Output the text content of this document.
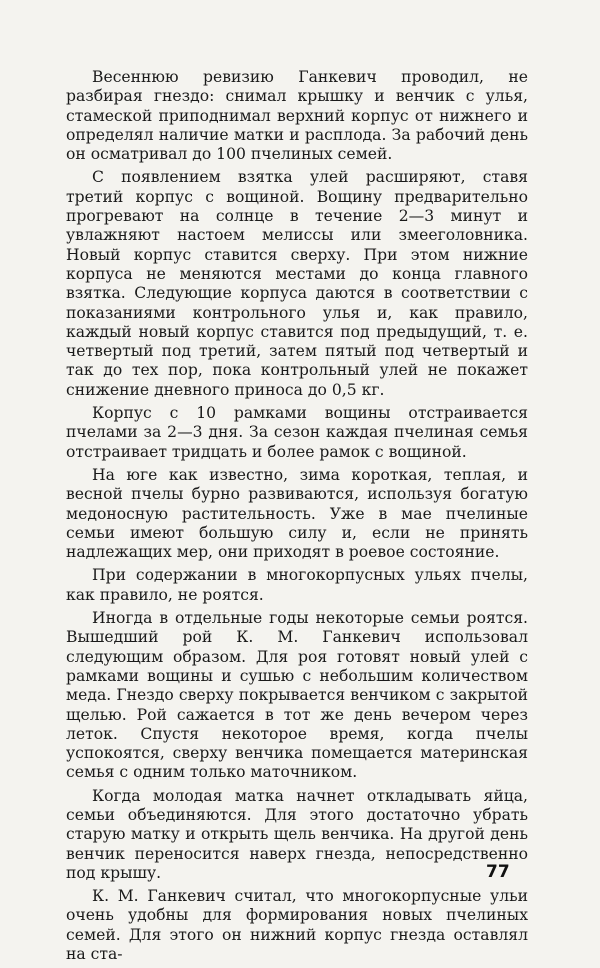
Весеннюю ревизию Ганкевич проводил, не разбирая гнездо: снимал крышку и венчик с улья, стамеской приподнимал верхний корпус от нижнего и определял наличие матки и расплода. За рабочий день он осматривал до 100 пчелиных семей.

С появлением взятка улей расширяют, ставя третий корпус с вощиной. Вощину предварительно прогревают на солнце в течение 2—3 минут и увлажняют настоем мелиссы или змееголовника. Новый корпус ставится сверху. При этом нижние корпуса не меняются местами до конца главного взятка. Следующие корпуса даются в соответствии с показаниями контрольного улья и, как правило, каждый новый корпус ставится под предыдущий, т. е. четвертый под третий, затем пятый под четвертый и так до тех пор, пока контрольный улей не покажет снижение дневного приноса до 0,5 кг.

Корпус с 10 рамками вощины отстраивается пчелами за 2—3 дня. За сезон каждая пчелиная семья отстраивает тридцать и более рамок с вощиной.

На юге как известно, зима короткая, теплая, и весной пчелы бурно развиваются, используя богатую медоносную растительность. Уже в мае пчелиные семьи имеют большую силу и, если не принять надлежащих мер, они приходят в роевое состояние.

При содержании в многокорпусных ульях пчелы, как правило, не роятся.

Иногда в отдельные годы некоторые семьи роятся. Вышедший рой К. М. Ганкевич использовал следующим образом. Для роя готовят новый улей с рамками вощины и сушью с небольшим количеством меда. Гнездо сверху покрывается венчиком с закрытой щелью. Рой сажается в тот же день вечером через леток. Спустя некоторое время, когда пчелы успокоятся, сверху венчика помещается материнская семья с одним только маточником.

Когда молодая матка начнет откладывать яйца, семьи объединяются. Для этого достаточно убрать старую матку и открыть щель венчика. На другой день венчик переносится наверх гнезда, непосредственно под крышу.

К. М. Ганкевич считал, что многокорпусные ульи очень удобны для формирования новых пчелиных семей. Для этого он нижний корпус гнезда оставлял на ста-

77
